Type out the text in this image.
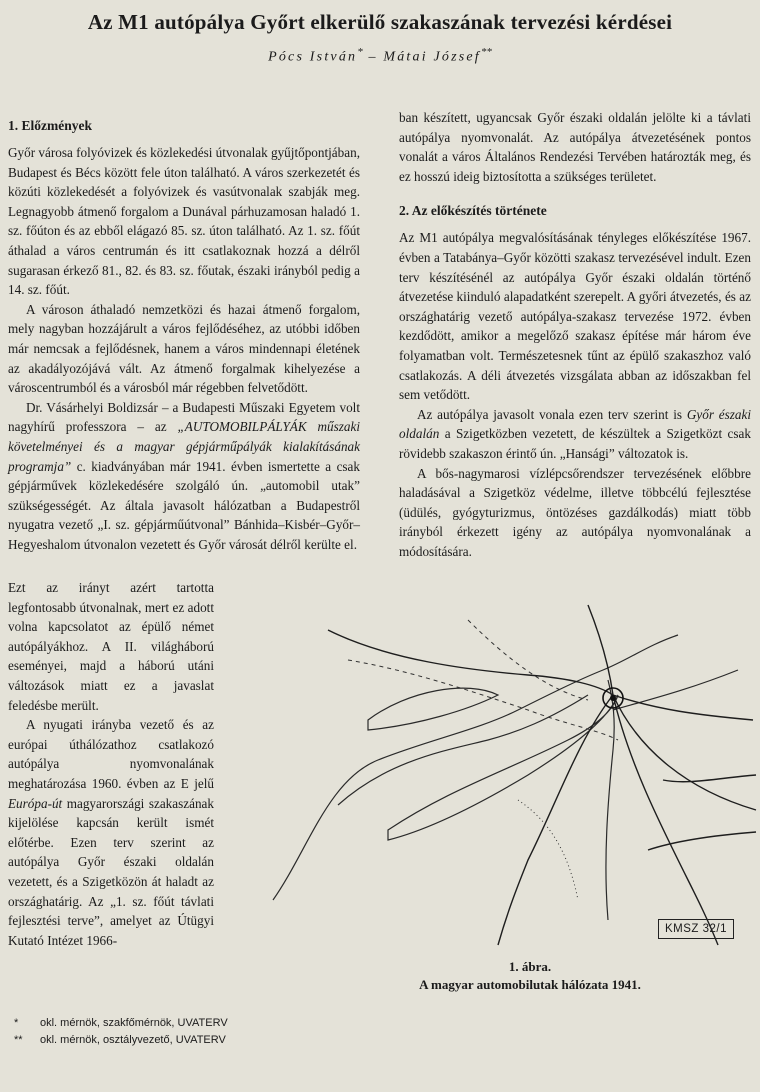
Az M1 autópálya Győrt elkerülő szakaszának tervezési kérdései
Pócs István* – Mátai József**
1. Előzmények

Győr városa folyóvizek és közlekedési útvonalak gyűjtőpontjában, Budapest és Bécs között fele úton található. A város szerkezetét és közúti közlekedését a folyóvizek és vasútvonalak szabják meg. Legnagyobb átmenő forgalom a Dunával párhuzamosan haladó 1. sz. főúton és az ebből elágazó 85. sz. úton található. Az 1. sz. főút áthalad a város centrumán és itt csatlakoznak hozzá a délről sugarasan érkező 81., 82. és 83. sz. főutak, északi irányból pedig a 14. sz. főút.

A városon áthaladó nemzetközi és hazai átmenő forgalom, mely nagyban hozzájárult a város fejlődéséhez, az utóbbi időben már nemcsak a fejlődésnek, hanem a város mindennapi életének az akadályozójává vált. Az átmenő forgalmak kihelyezése a városcentrumból és a városból már régebben felvetődött.

Dr. Vásárhelyi Boldizsár – a Budapesti Műszaki Egyetem volt nagyhírű professzora – az „AUTOMOBILPÁLYÁK műszaki követelményei és a magyar gépjárműpályák kialakításának programja” c. kiadványában már 1941. évben ismertette a csak gépjárművek közlekedésére szolgáló ún. „automobil utak” szükségességét. Az általa javasolt hálózatban a Budapestről nyugatra vezető „I. sz. gépjárműútvonal” Bánhida–Kisbér–Győr–Hegyeshalom útvonalon vezetett és Győr városát délről kerülte el.

Ezt az irányt azért tartotta legfontosabb útvonalnak, mert ez adott volna kapcsolatot az épülő német autópályákhoz. A II. világháború eseményei, majd a háború utáni változások miatt ez a javaslat feledésbe merült.

A nyugati irányba vezető és az európai úthálózathoz csatlakozó autópálya nyomvonalának meghatározása 1960. évben az E jelű Európa-út magyarországi szakaszának kijelölése kapcsán került ismét előtérbe. Ezen terv szerint az autópálya Győr északi oldalán vezetett, és a Szigetközön át haladt az országhatárig. Az „1. sz. főút távlati fejlesztési terve”, amelyet az Útügyi Kutató Intézet 1966-

ban készített, ugyancsak Győr északi oldalán jelölte ki a távlati autópálya nyomvonalát. Az autópálya átvezetésének pontos vonalát a város Általános Rendezési Tervében határozták meg, és ez hosszú ideig biztosította a szükséges területet.

2. Az előkészítés története

Az M1 autópálya megvalósításának tényleges előkészítése 1967. évben a Tatabánya–Győr közötti szakasz tervezésével indult. Ezen terv készítésénél az autópálya Győr északi oldalán történő átvezetése kiinduló alapadatként szerepelt. A győri átvezetés, és az országhatárig vezető autópálya-szakasz tervezése 1972. évben kezdődött, amikor a megelőző szakasz építése már három éve folyamatban volt. Természetesnek tűnt az épülő szakaszhoz való csatlakozás. A déli átvezetés vizsgálata abban az időszakban fel sem vetődött.

Az autópálya javasolt vonala ezen terv szerint is Győr északi oldalán a Szigetközben vezetett, de készültek a Szigetközt csak rövidebb szakaszon érintő ún. „Hansági” változatok is.

A bős-nagymarosi vízlépcsőrendszer tervezésének előbbre haladásával a Szigetköz védelme, illetve többcélú fejlesztése (üdülés, gyógyturizmus, öntözéses gazdálkodás) miatt több irányból érkezett igény az autópálya nyomvonalának a módosítására.

KMSZ 32/1
1. ábra.
A magyar automobilutak hálózata 1941.
*	okl. mérnök, szakfőmérnök, UVATERV
**	okl. mérnök, osztályvezető, UVATERV
